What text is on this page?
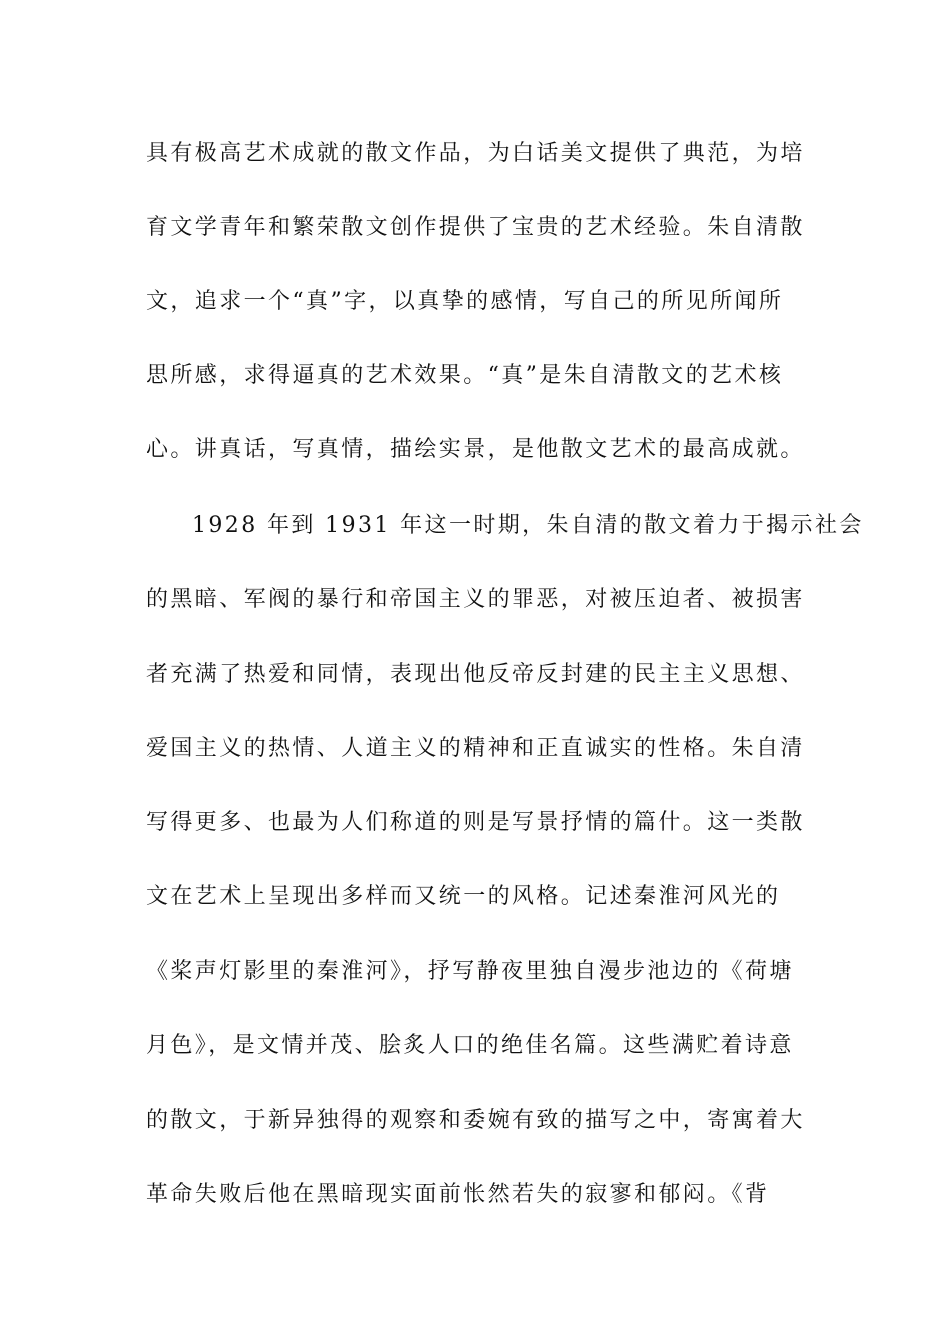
具有极高艺术成就的散文作品，为白话美文提供了典范，为培
育文学青年和繁荣散文创作提供了宝贵的艺术经验。朱自清散
文，追求一个“真”字，以真挚的感情，写自己的所见所闻所
思所感，求得逼真的艺术效果。“真”是朱自清散文的艺术核
心。讲真话，写真情，描绘实景，是他散文艺术的最高成就。
1928 年到 1931 年这一时期，朱自清的散文着力于揭示社会
的黑暗、军阀的暴行和帝国主义的罪恶，对被压迫者、被损害
者充满了热爱和同情，表现出他反帝反封建的民主主义思想、
爱国主义的热情、人道主义的精神和正直诚实的性格。朱自清
写得更多、也最为人们称道的则是写景抒情的篇什。这一类散
文在艺术上呈现出多样而又统一的风格。记述秦淮河风光的
《桨声灯影里的秦淮河》，抒写静夜里独自漫步池边的《荷塘
月色》，是文情并茂、脍炙人口的绝佳名篇。这些满贮着诗意
的散文，于新异独得的观察和委婉有致的描写之中，寄寓着大
革命失败后他在黑暗现实面前怅然若失的寂寥和郁闷。《背
